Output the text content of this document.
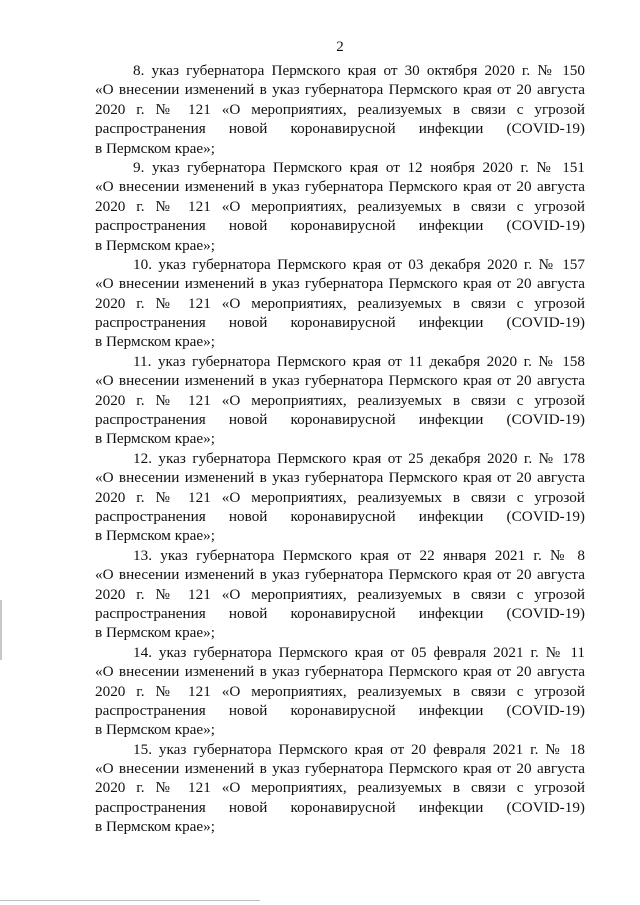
2

8. указ губернатора Пермского края от 30 октября 2020 г. № 150
«О внесении изменений в указ губернатора Пермского края от 20 августа
2020 г. № 121 «О мероприятиях, реализуемых в связи с угрозой
распространения новой коронавирусной инфекции (COVID-19)
в Пермском крае»;

9. указ губернатора Пермского края от 12 ноября 2020 г. № 151
«О внесении изменений в указ губернатора Пермского края от 20 августа
2020 г. № 121 «О мероприятиях, реализуемых в связи с угрозой
распространения новой коронавирусной инфекции (COVID-19)
в Пермском крае»;

10. указ губернатора Пермского края от 03 декабря 2020 г. № 157
«О внесении изменений в указ губернатора Пермского края от 20 августа
2020 г. № 121 «О мероприятиях, реализуемых в связи с угрозой
распространения новой коронавирусной инфекции (COVID-19)
в Пермском крае»;

11. указ губернатора Пермского края от 11 декабря 2020 г. № 158
«О внесении изменений в указ губернатора Пермского края от 20 августа
2020 г. № 121 «О мероприятиях, реализуемых в связи с угрозой
распространения новой коронавирусной инфекции (COVID-19)
в Пермском крае»;

12. указ губернатора Пермского края от 25 декабря 2020 г. № 178
«О внесении изменений в указ губернатора Пермского края от 20 августа
2020 г. № 121 «О мероприятиях, реализуемых в связи с угрозой
распространения новой коронавирусной инфекции (COVID-19)
в Пермском крае»;

13. указ губернатора Пермского края от 22 января 2021 г. № 8
«О внесении изменений в указ губернатора Пермского края от 20 августа
2020 г. № 121 «О мероприятиях, реализуемых в связи с угрозой
распространения новой коронавирусной инфекции (COVID-19)
в Пермском крае»;

14. указ губернатора Пермского края от 05 февраля 2021 г. № 11
«О внесении изменений в указ губернатора Пермского края от 20 августа
2020 г. № 121 «О мероприятиях, реализуемых в связи с угрозой
распространения новой коронавирусной инфекции (COVID-19)
в Пермском крае»;

15. указ губернатора Пермского края от 20 февраля 2021 г. № 18
«О внесении изменений в указ губернатора Пермского края от 20 августа
2020 г. № 121 «О мероприятиях, реализуемых в связи с угрозой
распространения новой коронавирусной инфекции (COVID-19)
в Пермском крае»;
